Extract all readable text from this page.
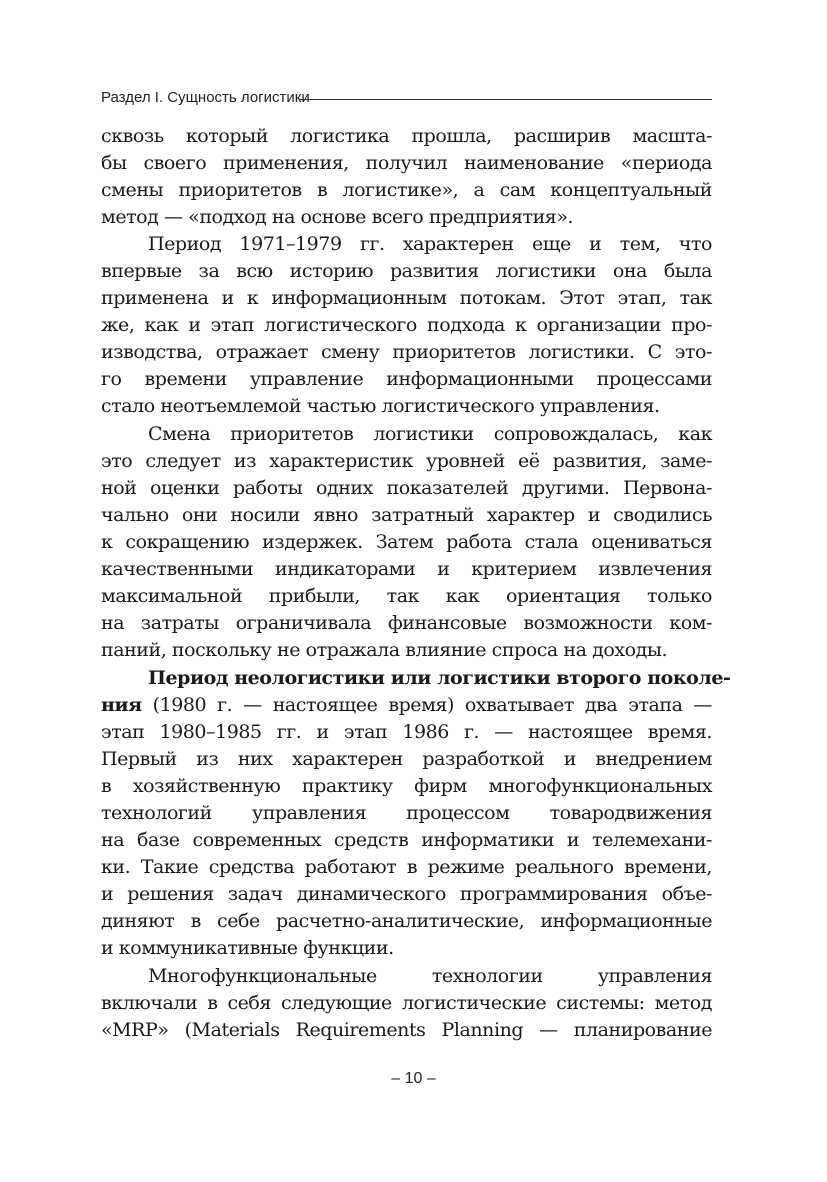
Раздел I. Сущность логистики
сквозь который логистика прошла, расширив масшта-
бы своего применения, получил наименование «периода
смены приоритетов в логистике», а сам концептуальный
метод — «подход на основе всего предприятия».
Период 1971–1979 гг. характерен еще и тем, что
впервые за всю историю развития логистики она была
применена и к информационным потокам. Этот этап, так
же, как и этап логистического подхода к организации про-
изводства, отражает смену приоритетов логистики. С это-
го времени управление информационными процессами
стало неотъемлемой частью логистического управления.
Смена приоритетов логистики сопровождалась, как
это следует из характеристик уровней её развития, заме-
ной оценки работы одних показателей другими. Первона-
чально они носили явно затратный характер и сводились
к сокращению издержек. Затем работа стала оцениваться
качественными индикаторами и критерием извлечения
максимальной прибыли, так как ориентация только
на затраты ограничивала финансовые возможности ком-
паний, поскольку не отражала влияние спроса на доходы.
Период неологистики или логистики второго поколе-
ния (1980 г. — настоящее время) охватывает два этапа —
этап 1980–1985 гг. и этап 1986 г. — настоящее время.
Первый из них характерен разработкой и внедрением
в хозяйственную практику фирм многофункциональных
технологий управления процессом товародвижения
на базе современных средств информатики и телемехани-
ки. Такие средства работают в режиме реального времени,
и решения задач динамического программирования объе-
диняют в себе расчетно-аналитические, информационные
и коммуникативные функции.
Многофункциональные технологии управления
включали в себя следующие логистические системы: метод
«MRP» (Materials Requirements Planning — планирование
– 10 –
